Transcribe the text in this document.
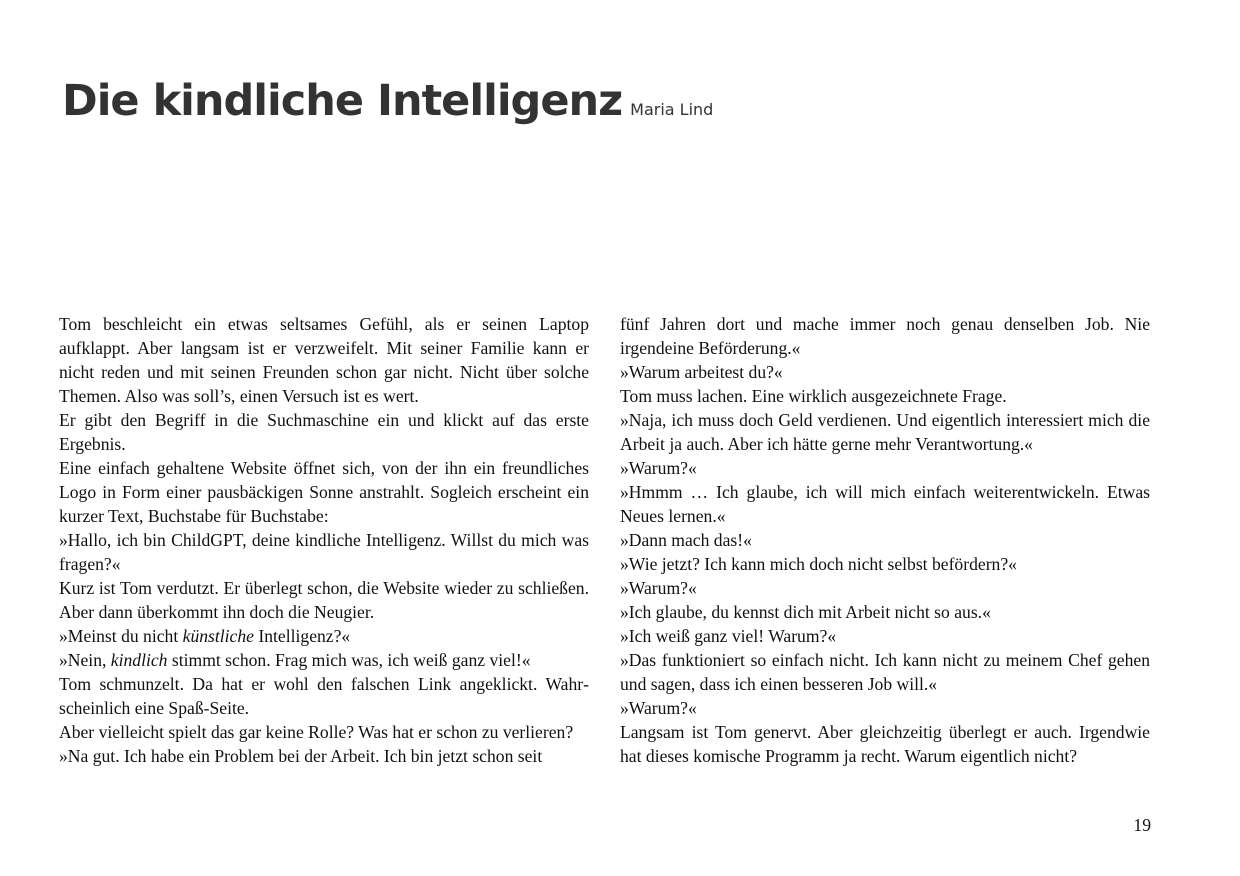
Die kindliche Intelligenz Maria Lind

Tom beschleicht ein etwas seltsames Gefühl, als er seinen Laptop aufklappt. Aber langsam ist er verzweifelt. Mit seiner Familie kann er nicht reden und mit seinen Freunden schon gar nicht. Nicht über solche Themen. Also was soll’s, einen Versuch ist es wert.

Er gibt den Begriff in die Suchmaschine ein und klickt auf das erste Ergebnis.

Eine einfach gehaltene Website öffnet sich, von der ihn ein freundliches Logo in Form einer pausbäckigen Sonne anstrahlt. Sogleich erscheint ein kurzer Text, Buchstabe für Buchstabe:

»Hallo, ich bin ChildGPT, deine kindliche Intelligenz. Willst du mich was fragen?«

Kurz ist Tom verdutzt. Er überlegt schon, die Website wieder zu schließen. Aber dann überkommt ihn doch die Neugier.

»Meinst du nicht künstliche Intelligenz?«

»Nein, kindlich stimmt schon. Frag mich was, ich weiß ganz viel!«

Tom schmunzelt. Da hat er wohl den falschen Link angeklickt. Wahrscheinlich eine Spaß-Seite.

Aber vielleicht spielt das gar keine Rolle? Was hat er schon zu verlieren?

»Na gut. Ich habe ein Problem bei der Arbeit. Ich bin jetzt schon seit

fünf Jahren dort und mache immer noch genau denselben Job. Nie irgendeine Beförderung.«

»Warum arbeitest du?«

Tom muss lachen. Eine wirklich ausgezeichnete Frage.

»Naja, ich muss doch Geld verdienen. Und eigentlich interessiert mich die Arbeit ja auch. Aber ich hätte gerne mehr Verantwortung.«

»Warum?«

»Hmmm … Ich glaube, ich will mich einfach weiterentwickeln. Etwas Neues lernen.«

»Dann mach das!«

»Wie jetzt? Ich kann mich doch nicht selbst befördern?«

»Warum?«

»Ich glaube, du kennst dich mit Arbeit nicht so aus.«

»Ich weiß ganz viel! Warum?«

»Das funktioniert so einfach nicht. Ich kann nicht zu meinem Chef gehen und sagen, dass ich einen besseren Job will.«

»Warum?«

Langsam ist Tom genervt. Aber gleichzeitig überlegt er auch. Irgendwie hat dieses komische Programm ja recht. Warum eigentlich nicht?

19
